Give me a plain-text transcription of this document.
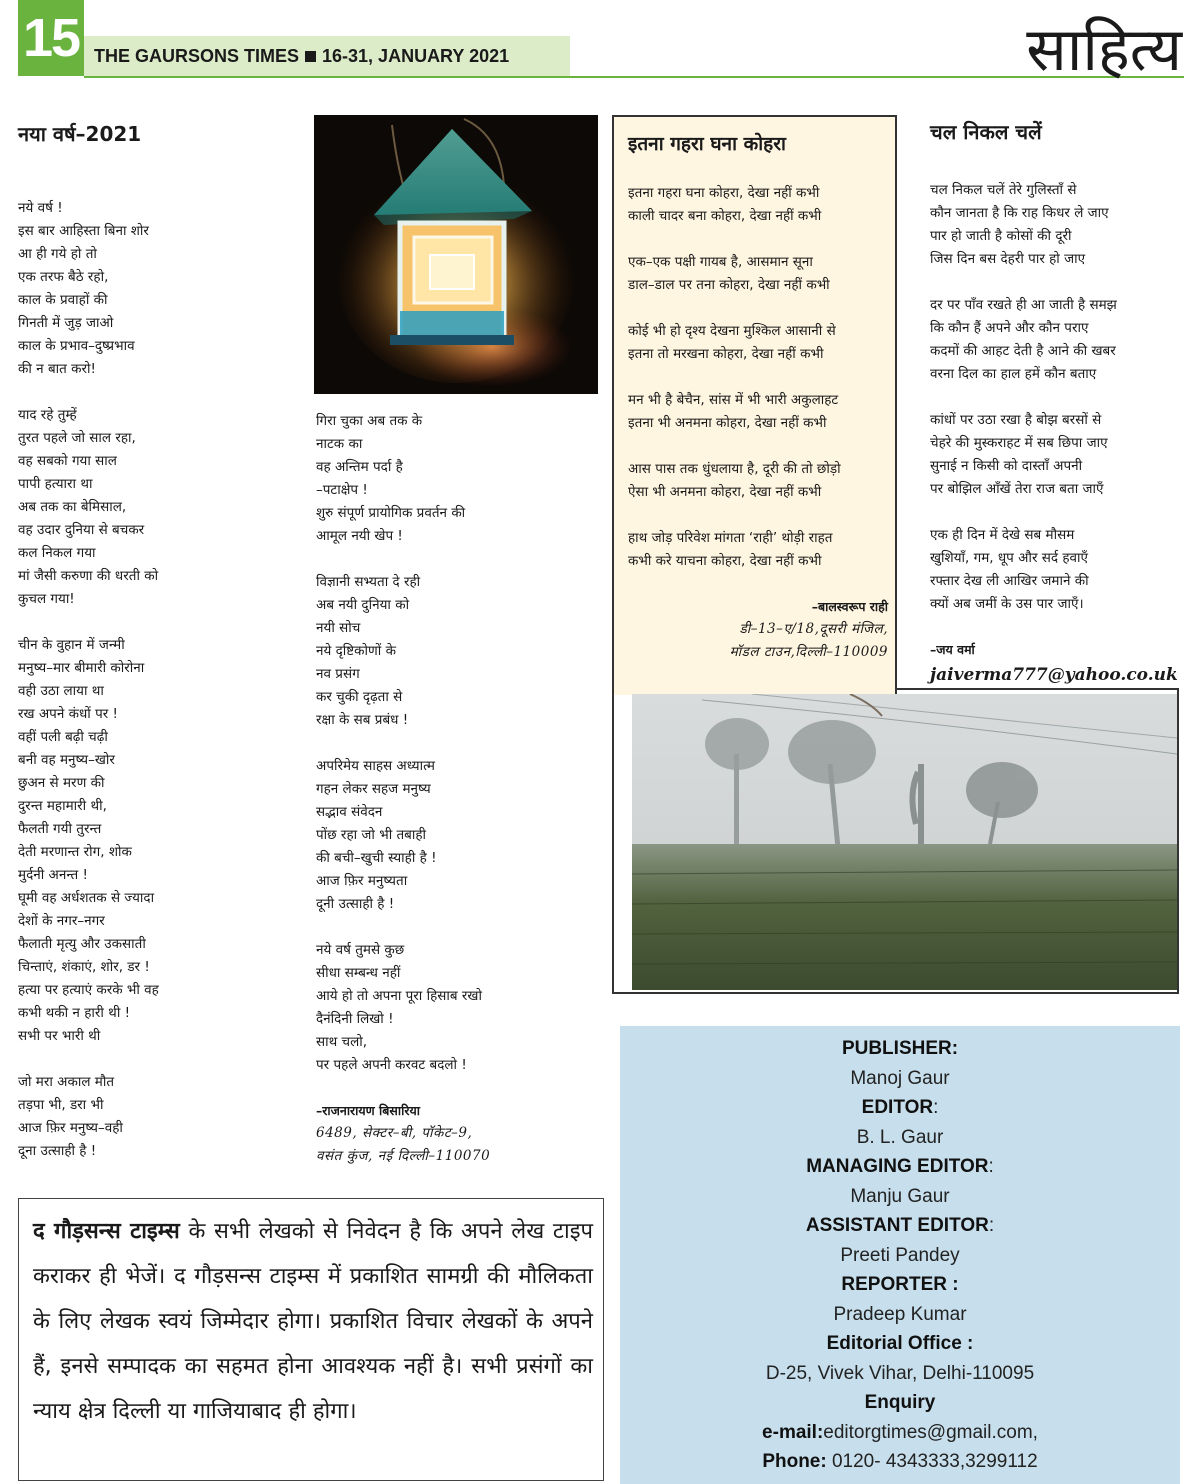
15 THE GAURSONS TIMES 16-31, JANUARY 2021	साहित्य
नया वर्ष–2021
नये वर्ष !
इस बार आहिस्ता बिना शोर
आ ही गये हो तो
एक तरफ बैठे रहो,
काल के प्रवाहों की
गिनती में जुड़ जाओ
काल के प्रभाव–दुष्प्रभाव
की न बात करो!
याद रहे तुम्हें
तुरत पहले जो साल रहा,
वह सबको गया साल
पापी हत्यारा था
अब तक का बेमिसाल,
वह उदार दुनिया से बचकर
कल निकल गया
मां जैसी करुणा की धरती को
कुचल गया!
चीन के वुहान में जन्मी
मनुष्य–मार बीमारी कोरोना
वही उठा लाया था
रख अपने कंधों पर !
वहीं पली बढ़ी चढ़ी
बनी वह मनुष्य–खोर
छुअन से मरण की
दुरन्त महामारी थी,
फैलती गयी तुरन्त
देती मरणान्त रोग, शोक
मुर्दनी अनन्त !
घूमी वह अर्धशतक से ज्यादा
देशों के नगर–नगर
फैलाती मृत्यु और उकसाती
चिन्ताएं, शंकाएं, शोर, डर !
हत्या पर हत्याएं करके भी वह
कभी थकी न हारी थी !
सभी पर भारी थी
जो मरा अकाल मौत
तड़पा भी, डरा भी
आज फ़िर मनुष्य–वही
दूना उत्साही है !
गिरा चुका अब तक के
नाटक का
वह अन्तिम पर्दा है
–पटाक्षेप !
शुरु संपूर्ण प्रायोगिक प्रवर्तन की
आमूल नयी खेप !
विज्ञानी सभ्यता दे रही
अब नयी दुनिया को
नयी सोच
नये दृष्टिकोणों के
नव प्रसंग
कर चुकी दृढ़ता से
रक्षा के सब प्रबंध !
अपरिमेय साहस अध्यात्म
गहन लेकर सहज मनुष्य
सद्भाव संवेदन
पोंछ रहा जो भी तबाही
की बची–खुची स्याही है !
आज फ़िर मनुष्यता
दूनी उत्साही है !
नये वर्ष तुमसे कुछ
सीधा सम्बन्ध नहीं
आये हो तो अपना पूरा हिसाब रखो
दैनंदिनी लिखो !
साथ चलो,
पर पहले अपनी करवट बदलो !
–राजनारायण बिसारिया
6489, सेक्टर–बी, पॉकेट–9,
वसंत कुंज, नई दिल्ली–110070
इतना गहरा घना कोहरा
इतना गहरा घना कोहरा, देखा नहीं कभी
काली चादर बना कोहरा, देखा नहीं कभी
एक–एक पक्षी गायब है, आसमान सूना
डाल–डाल पर तना कोहरा, देखा नहीं कभी
कोई भी हो दृश्य देखना मुश्किल आसानी से
इतना तो मरखना कोहरा, देखा नहीं कभी
मन भी है बेचैन, सांस में भी भारी अकुलाहट
इतना भी अनमना कोहरा, देखा नहीं कभी
आस पास तक धुंधलाया है, दूरी की तो छोड़ो
ऐसा भी अनमना कोहरा, देखा नहीं कभी
हाथ जोड़ परिवेश मांगता ‘राही’ थोड़ी राहत
कभी करे याचना कोहरा, देखा नहीं कभी
–बालस्वरूप राही
डी–13–ए/18,दूसरी मंजिल,
मॉडल टाउन,दिल्ली–110009
चल निकल चलें
चल निकल चलें तेरे गुलिस्ताँ से
कौन जानता है कि राह किधर ले जाए
पार हो जाती है कोसों की दूरी
जिस दिन बस देहरी पार हो जाए
दर पर पाँव रखते ही आ जाती है समझ
कि कौन हैं अपने और कौन पराए
कदमों की आहट देती है आने की खबर
वरना दिल का हाल हमें कौन बताए
कांधों पर उठा रखा है बोझ बरसों से
चेहरे की मुस्कराहट में सब छिपा जाए
सुनाई न किसी को दास्ताँ अपनी
पर बोझिल आँखें तेरा राज बता जाएँ
एक ही दिन में देखे सब मौसम
खुशियाँ, गम, धूप और सर्द हवाएँ
रफ्तार देख ली आखिर जमाने की
क्यों अब जमीं के उस पार जाएँ।
–जय वर्मा
jaiverma777@yahoo.co.uk
द गौड़सन्स टाइम्स के सभी लेखको से निवेदन है कि अपने लेख टाइप कराकर ही भेजें। द गौड़सन्स टाइम्स में प्रकाशित सामग्री की मौलिकता के लिए लेखक स्वयं जिम्मेदार होगा। प्रकाशित विचार लेखकों के अपने हैं, इनसे सम्पादक का सहमत होना आवश्यक नहीं है। सभी प्रसंगों का न्याय क्षेत्र दिल्ली या गाजियाबाद ही होगा।
PUBLISHER:
Manoj Gaur
EDITOR:
B. L. Gaur
MANAGING EDITOR:
Manju Gaur
ASSISTANT EDITOR:
Preeti Pandey
REPORTER :
Pradeep Kumar
Editorial Office :
D-25, Vivek Vihar, Delhi-110095
Enquiry
e-mail:editorgtimes@gmail.com,
Phone: 0120- 4343333,3299112
